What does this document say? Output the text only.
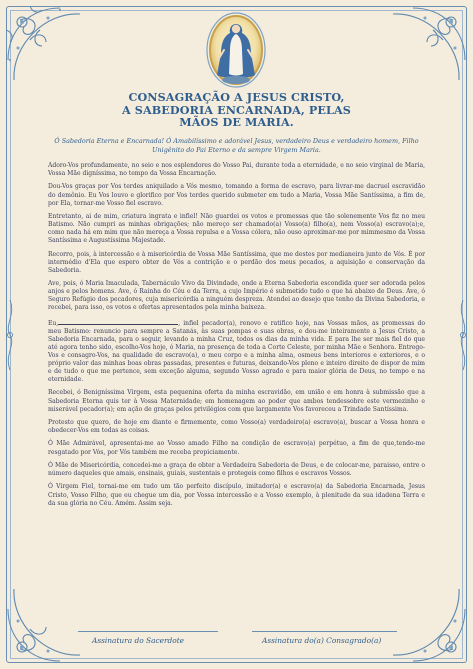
CONSAGRAÇÃO A JESUS CRISTO,
A SABEDORIA ENCARNADA, PELAS
MÃOS DE MARIA.
Ó Sabedoria Eterna e Encarnada! Ó Amabilíssimo e adorável Jesus, verdadeiro Deus e verdadeiro homem, Filho Unigênito do Pai Eterno e da sempre Virgem Maria.

Adoro-Vos profundamente, no seio e nos esplendores do Vosso Pai, durante toda a eternidade, e no seio virginal de Maria, Vossa Mãe digníssima, no tempo da Vossa Encarnação.

Dou-Vos graças por Vos terdes aniquilado a Vós mesmo, tomando a forma de escravo, para livrar-me dacruel escravidão do demônio. Eu Vos louvo e glorifico por Vos terdes querido submeter em tudo a Maria, Vossa Mãe Santíssima, a fim de, por Ela, tornar-me Vosso fiel escravo.

Entretanto, ai de mim, criatura ingrata e infiel! Não guardei os votos e promessas que tão solenemente Vos fiz no meu Batismo. Não cumpri as minhas obrigações; não mereço ser chamado(a) Vosso(a) filho(a), nem Vosso(a) escravo(a);e, como nada há em mim que não mereça a Vossa repulsa e a Vossa cólera, não ouso aproximar-me por mimmesmo da Vossa Santíssima e Augustíssima Majestade.

Recorro, pois, à intercessão e à misericórdia de Vossa Mãe Santíssima, que me destes por medianeira junto de Vós. É por intermédio d'Ela que espero obter de Vós a contrição e o perdão dos meus pecados, a aquisição e conservação da Sabedoria.

Ave, pois, ó Maria Imaculada, Tabernáculo Vivo da Divindade, onde a Eterna Sabedoria escondida quer ser adorada pelos anjos e pelos homens. Ave, ó Rainha do Céu e da Terra, a cujo Império é submetido tudo o que há abaixo de Deus. Ave, ó Seguro Refúgio dos pecadores, cuja misericórdia a ninguém despreza. Atendei ao desejo que tenho da Divina Sabedoria, e recebei, para isso, os votos e ofertas apresentados pela minha baixeza.

Eu,	, infiel pecador(a), renovo e ratifico hoje, nas Vossas mãos, as promessas do meu Batismo: renuncio para sempre a Satanás, às suas pompas e suas obras, e dou-me inteiramente a Jesus Cristo, a Sabedoria Encarnada, para o seguir, levando a minha Cruz, todos os dias da minha vida. E para lhe ser mais fiel do que até agora tenho sido, escolho-Vos hoje, ó Maria, na presença de toda a Corte Celeste, por minha Mãe e Senhora. Entrego-Vos e consagro-Vos, na qualidade de escravo(a), o meu corpo e a minha alma, osmeus bens interiores e exteriores, e o próprio valor das minhas boas obras passadas, presentes e futuras, deixando-Vos pleno e inteiro direito de dispor de mim e de tudo o que me pertence, sem exceção alguma, segundo Vosso agrado e para maior glória de Deus, no tempo e na eternidade.

Recebei, ó Benigníssima Virgem, esta pequenina oferta da minha escravidão, em união e em honra à submissão que a Sabedoria Eterna quis ter à Vossa Maternidade; em homenagem ao poder que ambos tendessobre este vermezinho e miserável pecador(a); em ação de graças pelos privilégios com que largamente Vos favoreceu a Trindade Santíssima.

Protesto que quero, de hoje em diante e firmemente, como Vosso(a) verdadeiro(a) escravo(a), buscar a Vossa honra e obedecer-Vos em todas as coisas.

Ó Mãe Admirável, apresentai-me ao Vosso amado Filho na condição de escravo(a) perpétuo, a fim de que,tendo-me resgatado por Vós, por Vós também me receba propiciamente.

Ó Mãe de Misericórdia, concedei-me a graça de obter a Verdadeira Sabedoria de Deus, e de colocar-me, paraisso, entre o número daqueles que amais, ensinais, guiais, sustentais e protegeis como filhos e escravos Vossos.

Ó Virgem Fiel, tornai-me em tudo um tão perfeito discípulo, imitador(a) e escravo(a) da Sabedoria Encarnada, Jesus Cristo, Vosso Filho, que eu chegue um dia, por Vossa intercessão e a Vosso exemplo, à plenitude da sua idadena Terra e da sua glória no Céu. Amém. Assim seja.

Assinatura do Sacerdote	Assinatura do(a) Consagrado(a)
